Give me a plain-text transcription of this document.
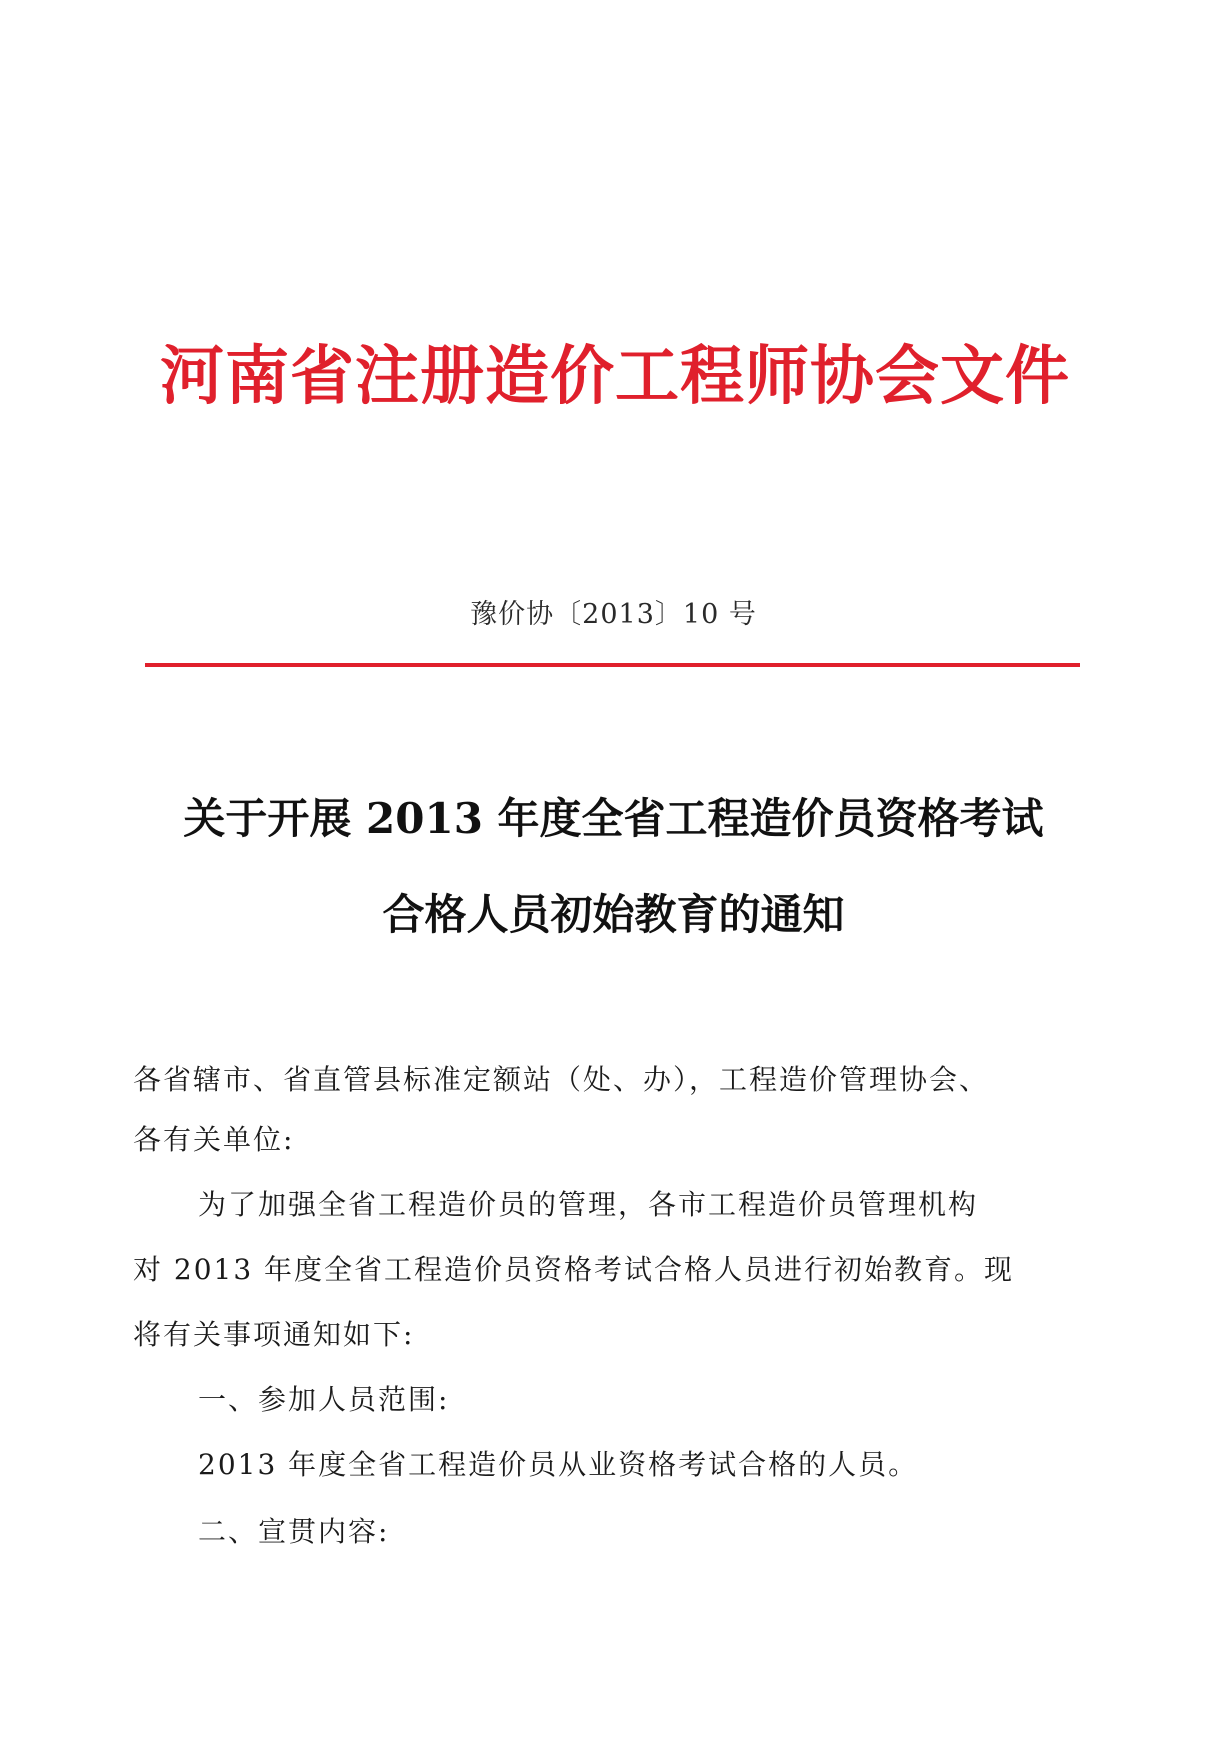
河南省注册造价工程师协会文件
豫价协〔2013〕10 号
关于开展 2013 年度全省工程造价员资格考试
合格人员初始教育的通知
各省辖市、省直管县标准定额站（处、办），工程造价管理协会、
各有关单位:
为了加强全省工程造价员的管理，各市工程造价员管理机构
对 2013 年度全省工程造价员资格考试合格人员进行初始教育。现
将有关事项通知如下:
一、参加人员范围:
2013 年度全省工程造价员从业资格考试合格的人员。
二、宣贯内容:
